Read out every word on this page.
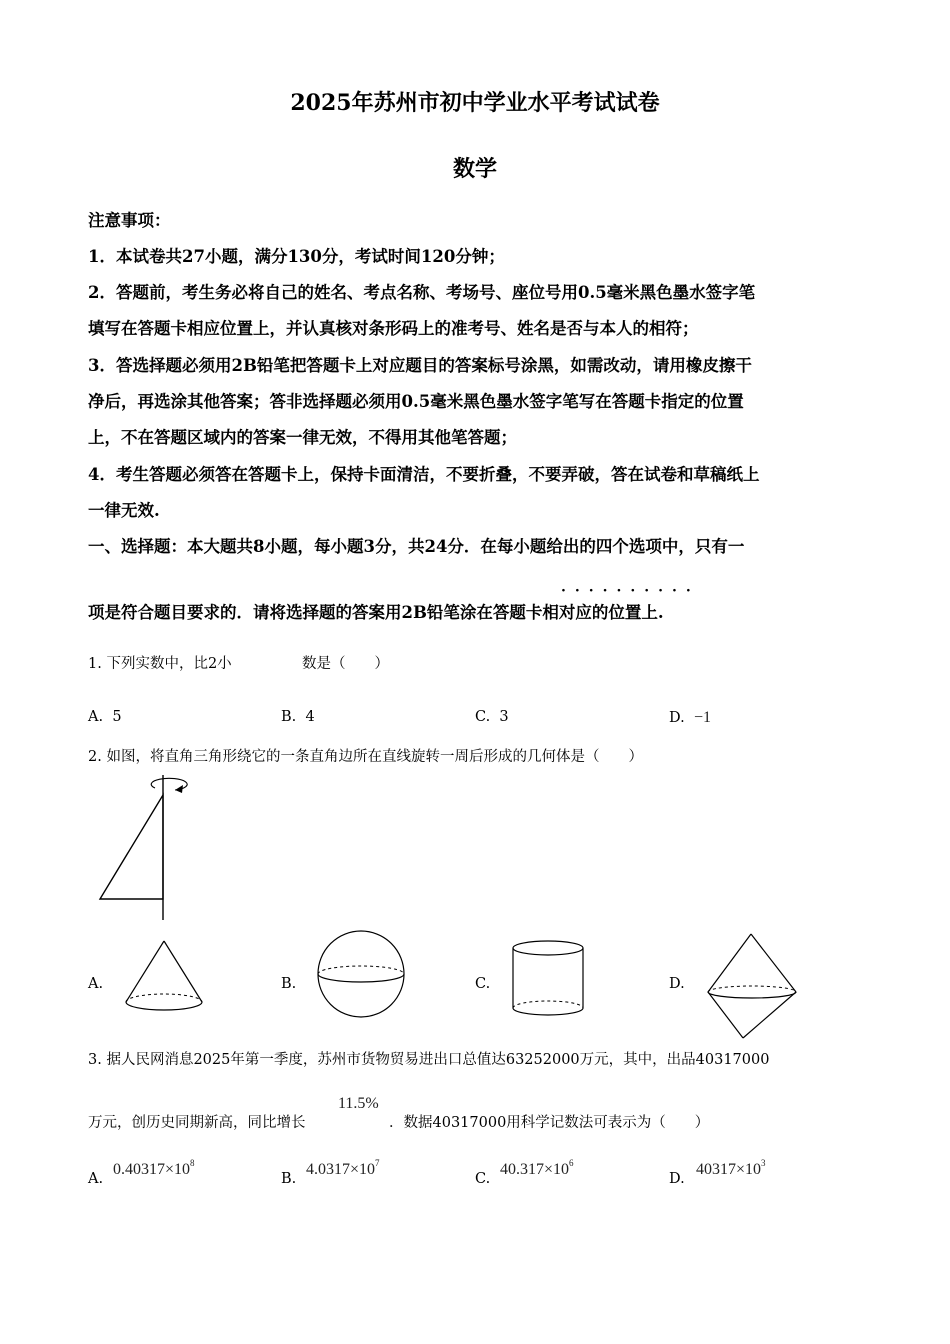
2025年苏州市初中学业水平考试试卷
数学
注意事项：
1．本试卷共27小题，满分130分，考试时间120分钟；
2．答题前，考生务必将自己的姓名、考点名称、考场号、座位号用0.5毫米黑色墨水签字笔
填写在答题卡相应位置上，并认真核对条形码上的准考号、姓名是否与本人的相符；
3．答选择题必须用2B铅笔把答题卡上对应题目的答案标号涂黑，如需改动，请用橡皮擦干
净后，再选涂其他答案；答非选择题必须用0.5毫米黑色墨水签字笔写在答题卡指定的位置
上，不在答题区域内的答案一律无效，不得用其他笔答题；
4．考生答题必须答在答题卡上，保持卡面清洁，不要折叠，不要弄破，答在试卷和草稿纸上
一律无效.
一、选择题：本大题共8小题，每小题3分，共24分．在每小题给出的四个选项中，只有一
··········
项是符合题目要求的．请将选择题的答案用2B铅笔涂在答题卡相对应的位置上.
1. 下列实数中，比2小	数是（　　）
A. 5	B. 4	C. 3	D. −1
2. 如图，将直角三角形绕它的一条直角边所在直线旋转一周后形成的几何体是（　　）
A.	B.	C.	D.
3. 据人民网消息2025年第一季度，苏州市货物贸易进出口总值达63252000万元，其中，出品40317000
万元，创历史同期新高，同比增长
11.5%
．数据40317000用科学记数法可表示为（　　）
A.
$0.40317\times 10^8$
B.
$4.0317\times 10^7$
C.
$40.317\times 10^6$
D.
$40317\times 10^3$
